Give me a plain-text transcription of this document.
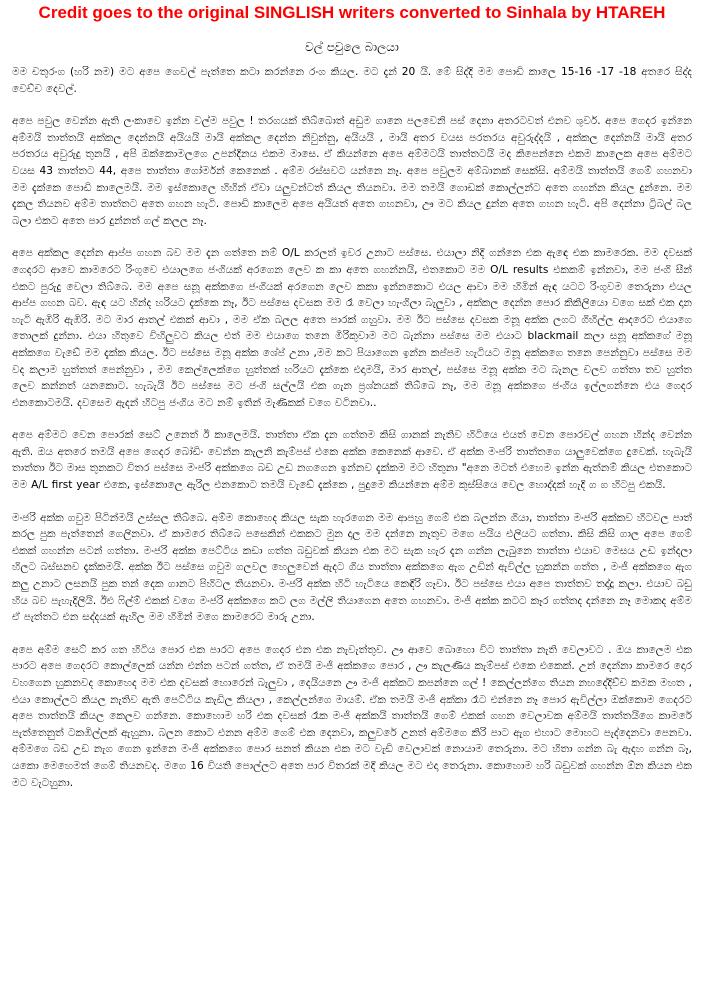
Credit goes to the original SINGLISH writers converted to Sinhala by HTAREH
වල් පවුලෙ බාලයා

මම චතුරංග (හරි නම) මට අපෙ ගෙවල් පැත්තෙ කටා කරන්නෙ රංග කියල. මට දැන් 20 යි. මේ සිද්දි මම පොඩි කාලෙ 15-16 -17 -18 අතරෙ සිද්ද වෙච්ච දෙවල්.

අපෙ පවුල වෙන්න ඇති ලංකාවෙ ඉන්න වල්ම පවුල ! තරගයක් තිබ්බොත් අඩුම ගානෙ පලවෙනි පස් දෙනා අතරටවත් එනව ශුවර්. අපෙ ගෙදර ඉන්නෙ අම්මයි තාත්තයි අක්කල දෙන්නයි අයියයි මායි අක්කල දෙන්න නිවුන්නු, අයියයි , මායි අතර වයස පරතරය අවුරුද්දයි , අක්කල දෙන්නයි මායි අතර පරතරය අවුරුදු තුනයි , අපි ඔක්කොමලගෙ උපන්දිනය එකම මාසෙ. ඒ කියන්නෙ අපෙ අම්මටයි තාත්තටයි මද කිපෙන්නෙ එකම කාලෙක අපෙ අම්මට වයස 43 තාත්තට 44, අපෙ තාත්තා ගෝර්මන් කෙනෙක් . අම්ම රස්සවට යන්නෙ නෑ. අපෙ පවුලම අම්බානක් සෙක්සි. අම්මයි තාත්තයි ගෙම් ගහනවා මම දැක්කෙ පොඩි කාලෙමයි. මම ඉස්කොලෙ හිහින් ඒවා යලුවන්ටත් කියල තියනවා. මම තමයි ගොඩක් කොල්ලන්ට අතෙ ගහන්න කියල දුන්නෙ. මම දැකල තියනව අම්ම තාත්තට අතෙ ගහන හැටි. පොඩි කාලෙම අපෙ අයියත් අතෙ ගහනවා, ඌ මට කියල දුන්න අතෙ ගහන හැටි. අපි දෙන්නා ට්‍රිබල් බල බලා එකට අතෙ පාර දුන්නත් ගල් කලල නෑ.

අපෙ අක්කල දෙන්න ආප්ප ගහන බව මම දැන ගත්තෙ නම් O/L කරලත් ඉවර උනාට පස්සෙ. එයාලා නිදි ගන්නෙ එක ඇඳෙ එක කාමරෙක. මම දවසක් ගෙදරට ආවෙ කාමරෙට රිංගුවෙ එයාලගෙ ජංගියක් අරගෙන ලෙව ක කා අතෙ ගහන්නයි, එතකොට මම O/L results එකකම් ඉන්නවා, මම ජංගි සීන් එකට පුරුදු වෙලා තිබ්බෙ. මම අපෙ සනූ අක්කගෙ ජංගියක් අරගෙන ලෙව කකා ඉන්නකොට එයල ආවා මම හිමින් ඇඳ යටට රිංගුවම තෙරුනා එයල ආප්ප ගහන බව. ඇඳ යට හින්ද හරියට දැක්කෙ නෑ, ඊට පස්සෙ දවසක මම රෑ වෙලා හැංගිලා බැලුවා , අක්කල දෙන්න පොර කිකිලියො වගෙ සක් එක දාන හැටි ඇඹිරි ඇඹිරි. මට මාර ආතල් එකක් ආවා , මම ඒක බලල අතෙ පාරක් ගහුවා. මම ඊට පස්සෙ දවසක මනූ අක්ක ලගට ගිහිල්ල ආදරෙට එයාගෙ තොලක් දුන්නා. එයා හිතුවෙ විහිලුවට කියල එත් මම එයාගෙ තනෙ මිරිකුවාම මට බැන්නා පස්සෙ මම එයාට blackmail කලා සනූ අක්කගේ මනූ අක්කගෙ වැඩේ මම දැක්ක කියල. ඊට පස්සෙ මනූ අක්ක ශේප් උනා ,මම කට පියාගෙන ඉන්න කප්පම හැටියට මනූ අක්කගෙ තනෙ පෙන්නුවා පස්සෙ මම වද කලාම හුත්තත් පෙන්නුවා , මම කෙල්ලෙක්ගෙ හුත්තක් හරියට දැක්කෙ එදාමයි, මාර ආතල්, පස්සෙ මනූ අක්ක මට බැනල චලව ගත්තා තව හුත්ත ලෙව කන්නත් යනකොට. හැබැයි ඊට පස්සෙ මට ජංගි සල්ලයි එක ගැන ප්‍රශ්නයක් තිබ්බෙ නෑ, මම මනූ අක්කගෙ ජංගිය ඉල්ලගන්නෙ එය ගෙදර එනකොටමයි. දවසෙම ඇදන් හිටපු ජංගිය මට නම් ඉතින් මැණිකක් වගෙ වටිනවා..

අපෙ අම්මට වෙන පොරක් සෙට් උනෙත් ඊ කාලෙමයි. තාත්තා ඒක දැන ගත්තම කිසි ගානක් නැතිව හිටියෙ එයත් වෙන පොරවල් ගහන හින්ද වෙන්න ඇති. ඔය අතරෙ තමයි අපෙ ගෙදර බෝඩිං වෙන්න කැලනි කැම්පස් එකෙ අක්ක කෙනෙක් ආවෙ. ඒ අක්ක මංජරි තාත්තගෙ යාලුවෙක්ගෙ දුවෙක්. හැබැයි තාත්තා ඊට මාස තුනකට විතර පස්සෙ මංජරි අක්කගෙ බඩ උඩ නගගෙන ඉන්නව දැක්කම මට හිතුනා "අනෙ මටත් එහෙම ඉන්න ඇත්නම් කියල එතකොට මම A/L first year එකෙ, ඉස්කොලෙ ඇරිල එනකොට තමයි වැඩේ දැක්කෙ , පුදුමෙ කියන්නෙ අම්ම කුස්සියෙ වෙල හොද්දක් හැදි ග ග හිටපු එකයි.

මංජරි අක්ක ගවුම පිටින්මයි උස්සල තිබ්බෙ. අම්ම කොහෙද කියල සැක හැරගෙන මම ආපහු ගෙම් එක බලන්න ගියා, තාත්තා මංජරි අක්කව හිටවල පාත් කරල පුක පැත්තෙන් ගෙලිනවා. ඒ කාමරෙ තිබ්බෙ පසෙකින් එකකට මුන දාල මම දන්නෙ නැතුව මගෙ පයිය එලියට ගත්තා. කිසි කිසි ගාල අපෙ ගෙම් එකක් ගහන්න පටන් ගත්තා. මංජරි අක්ක පෙට්ටිය කඩා ගත්ත බඩුවක් කියන එක මට සැක හැර දැන ගන්න ලැබුනෙ තාත්තා එයාව මෙසය උඩ ඉන්දලා හිලට බස්සනව දැක්කමයි. අක්ක ඊට පස්සෙ ගවුම ගලවල හෙලුවෙන් ඇදට ගිය තාත්තා අක්කගෙ ඇග උඩින් ඇවිල්ල හුකන්න ගත්ත , මංජි අක්කගෙ ඇග කලු උනාට ලසනයි පුක තන් දෙක ගානට පිහිටල තියනවා. මංජරි අක්ක හිටි හැටියෙ කෙඳිරි ගෑවා. ඊට පස්සෙ එයා අපෙ තාත්තව තද්දූ කලා. එයාව බඩු හිය බව පැහැදිලියි. ඊළු ෆිල්ම් එකක් වගෙ මංජරි අක්කගෙ කට ලග මල්ලි තියාගෙන අතෙ ගහනවා. මංජි අක්ක කටට කෑර ගත්තද දන්නෙ නෑ මොකද අම්ම ඒ පැත්තට එන සද්දයක් ඇහිල මම හිමින් මගෙ කාමරෙට මාරු උනා.

අපෙ අම්ම සෙට් කර ගත හිටිය පොර එක පාරට අපෙ ගෙදර එන එක නැවැත්තුව. ඌ ආවෙ බොහො විට තාත්තා නැති වෙලාවට . ඔය කාලෙම එක පාරට අපෙ ගෙදරට කොල්ලෙක් යන්න එන්න පටන් ගත්ත, ඒ තමයි මංජි අක්කගෙ පොර , ඌ කැලණිය කැම්පස් එකෙ එකෙක්. උන් දෙන්නා කාමරෙ දොර වහගෙන හුකනවද කොහෙද මම එක දවසක් හොරෙන් බැලුවා , දෙයියනෙ ඌ මංජි අක්කට කපන්නෙ ගල් ! කෙල්ලන්ගෙ තියන නහදේදිච්ච කමක මහත , එයා කොල්ලට කියල නැතිව ඇති පෙට්ටිය කැඩිල කියලා , කෙල්ලන්ගෙ මායම්. ඒක තමයි මංජි අක්කා රෑට එන්නෙ නෑ පොර ඇවිල්ලා ඔක්කොම ගෙදරට අපෙ තාත්තයි කියල කෙලව ගන්නෙ. කොහොම හරි එක දවසක් රෑක මංජි අක්කයි තාත්තයි ගෙම් එකක් ගහන වෙලාවක අම්මයි තාත්තයිගෙ කාමරේ පැත්තෙනුත් ටකඹිල්ලක් ඇහුනා. බලන කොට එනන අම්ම ගෙම් එක දෙනවා, කලුවරේ උනත් අම්මගෙ කිරි පාට ඇග එහාට මොහට පැද්දෙනවා පෙනවා. අම්මගෙ බඩ උඩ නැග ගෙන ඉන්නෙ මංජි අක්කගෙ පොර සනත් කියන එක මට වැඩි වෙලාවක් නොයාම තෙරුනා. මට හිතා ගන්න බැ ඇදහ ගන්න බෑ, යකො මෙහෙමත් ගෙම් තියනවද. මගෙ 16 වියති පොල්ලට අතෙ පාර විතරක් මදි කියල මට එදා තෙරුනා. කොහොම හරි බඩුවක් ගහන්න ඕන කියන එක මට වැටහුනා.
